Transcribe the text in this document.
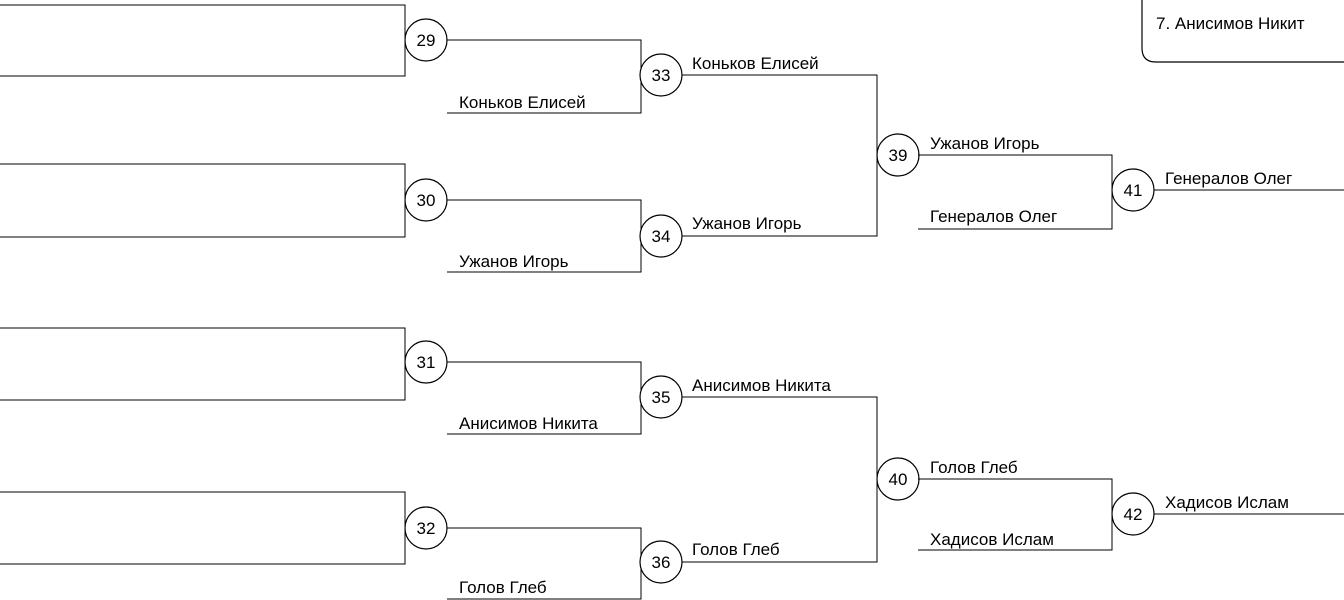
7. Анисимов Никит
29
30
31
32
Коньков Елисей
33
Ужанов Игорь
34
Анисимов Никита
35
Голов Глеб
36
Коньков Елисей
Ужанов Игорь
39
Анисимов Никита
Голов Глеб
40
Ужанов Игорь
Генералов Олег
41
Генералов Олег
Голов Глеб
Хадисов Ислам
42
Хадисов Ислам
